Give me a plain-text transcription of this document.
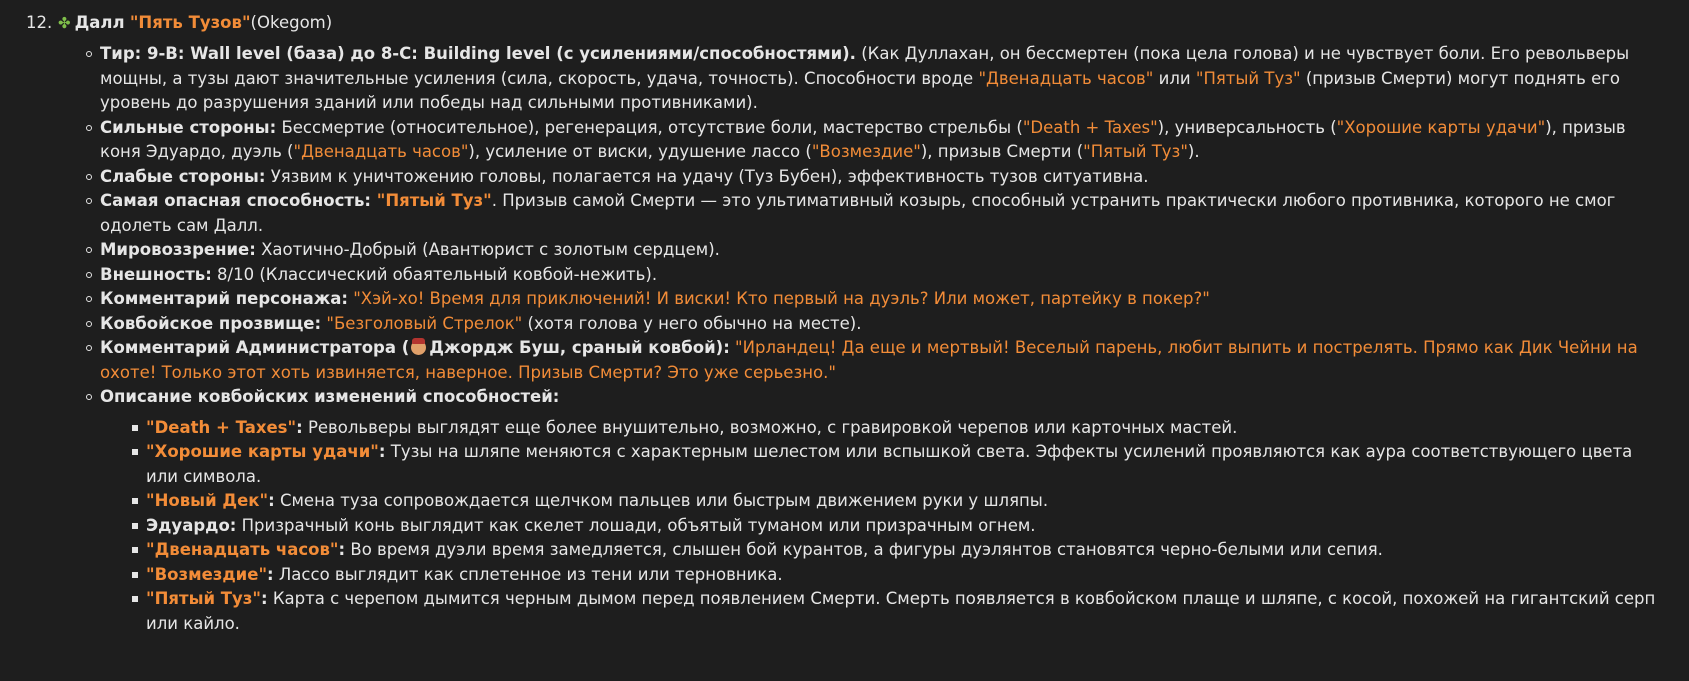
12. ✤ Далл
"Пять Тузов" (Okegom)
Тир: 9-B: Wall level (база) до 8-C: Building level (с усилениями/способностями). (Как Дуллахан, он бессмертен (пока цела голова) и не чувствует боли. Его револьверы мощны, а тузы дают значительные усиления (сила, скорость, удача, точность). Способности вроде "Двенадцать часов" или "Пятый Туз" (призыв Смерти) могут поднять его уровень до разрушения зданий или победы над сильными противниками).
Сильные стороны: Бессмертие (относительное), регенерация, отсутствие боли, мастерство стрельбы ("Death + Taxes"), универсальность ("Хорошие карты удачи"), призыв коня Эдуардо, дуэль ("Двенадцать часов"), усиление от виски, удушение лассо ("Возмездие"), призыв Смерти ("Пятый Туз").
Слабые стороны: Уязвим к уничтожению головы, полагается на удачу (Туз Бубен), эффективность тузов ситуативна.
Самая опасная способность: "Пятый Туз". Призыв самой Смерти — это ультимативный козырь, способный устранить практически любого противника, которого не смог одолеть сам Далл.
Мировоззрение: Хаотично-Добрый (Авантюрист с золотым сердцем).
Внешность: 8/10 (Классический обаятельный ковбой-нежить).
Комментарий персонажа: "Хэй-хо! Время для приключений! И виски! Кто первый на дуэль? Или может, партейку в покер?"
Ковбойское прозвище: "Безголовый Стрелок" (хотя голова у него обычно на месте).
Комментарий Администратора ( Джордж Буш, сраный ковбой): "Ирландец! Да еще и мертвый! Веселый парень, любит выпить и пострелять. Прямо как Дик Чейни на охоте! Только этот хоть извиняется, наверное. Призыв Смерти? Это уже серьезно."
Описание ковбойских изменений способностей:
"Death + Taxes": Револьверы выглядят еще более внушительно, возможно, с гравировкой черепов или карточных мастей.
"Хорошие карты удачи": Тузы на шляпе меняются с характерным шелестом или вспышкой света. Эффекты усилений проявляются как аура соответствующего цвета или символа.
"Новый Дек": Смена туза сопровождается щелчком пальцев или быстрым движением руки у шляпы.
Эдуардо: Призрачный конь выглядит как скелет лошади, объятый туманом или призрачным огнем.
"Двенадцать часов": Во время дуэли время замедляется, слышен бой курантов, а фигуры дуэлянтов становятся черно-белыми или сепия.
"Возмездие": Лассо выглядит как сплетенное из тени или терновника.
"Пятый Туз": Карта с черепом дымится черным дымом перед появлением Смерти. Смерть появляется в ковбойском плаще и шляпе, с косой, похожей на гигантский серп или кайло.
